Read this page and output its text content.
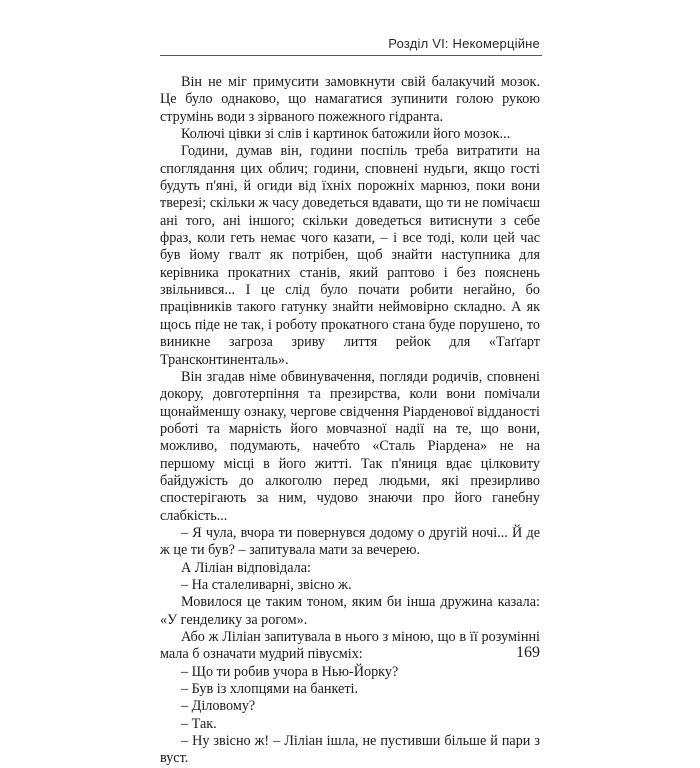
Розділ VI: Некомерційне

Він не міг примусити замовкнути свій балакучий мозок. Це було однаково, що намагатися зупинити голою рукою струмінь води з зірваного пожежного гідранта.

Колючі цівки зі слів і картинок батожили його мозок...

Години, думав він, години поспіль треба витратити на споглядання цих облич; години, сповнені нудьги, якщо гості будуть п'яні, й огиди від їхніх порожніх марнюз, поки вони тверезі; скільки ж часу доведеться вдавати, що ти не помічаєш ані того, ані іншого; скільки доведеться витиснути з себе фраз, коли геть немає чого казати, – і все тоді, коли цей час був йому гвалт як потрібен, щоб знайти наступника для керівника прокатних станів, який раптово і без пояснень звільнився... І це слід було почати робити негайно, бо працівників такого гатунку знайти неймовірно складно. А як щось піде не так, і роботу прокатного стана буде порушено, то виникне загроза зриву лиття рейок для «Таґґарт Трансконтиненталь».

Він згадав німе обвинувачення, погляди родичів, сповнені докору, довготерпіння та презирства, коли вони помічали щонайменшу ознаку, чергове свідчення Ріарденової відданості роботі та марність його мовчазної надії на те, що вони, можливо, подумають, начебто «Сталь Ріардена» не на першому місці в його житті. Так п'яниця вдає цілковиту байдужість до алкоголю перед людьми, які презирливо спостерігають за ним, чудово знаючи про його ганебну слабкість...

– Я чула, вчора ти повернувся додому о другій ночі... Й де ж це ти був? – запитувала мати за вечерею.

А Ліліан відповідала:

– На сталеливарні, звісно ж.

Мовилося це таким тоном, яким би інша дружина казала: «У генделику за рогом».

Або ж Ліліан запитувала в нього з міною, що в її розумінні мала б означати мудрий півусміх:

– Що ти робив учора в Нью-Йорку?

– Був із хлопцями на банкеті.

– Діловому?

– Так.

– Ну звісно ж! – Ліліан ішла, не пустивши більше й пари з вуст.

169
